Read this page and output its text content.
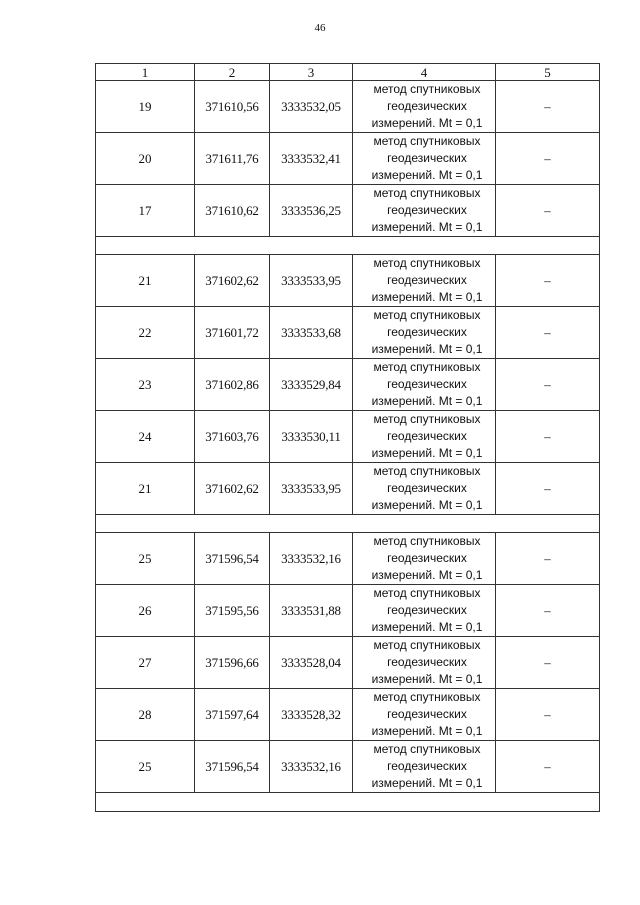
46
1	2	3	4	5
19	371610,56	3333532,05	метод спутниковых
геодезических
измерений. Mt = 0,1	–
20	371611,76	3333532,41	метод спутниковых
геодезических
измерений. Mt = 0,1	–
17	371610,62	3333536,25	метод спутниковых
геодезических
измерений. Mt = 0,1	–

21	371602,62	3333533,95	метод спутниковых
геодезических
измерений. Mt = 0,1	–
22	371601,72	3333533,68	метод спутниковых
геодезических
измерений. Mt = 0,1	–
23	371602,86	3333529,84	метод спутниковых
геодезических
измерений. Mt = 0,1	–
24	371603,76	3333530,11	метод спутниковых
геодезических
измерений. Mt = 0,1	–
21	371602,62	3333533,95	метод спутниковых
геодезических
измерений. Mt = 0,1	–

25	371596,54	3333532,16	метод спутниковых
геодезических
измерений. Mt = 0,1	–
26	371595,56	3333531,88	метод спутниковых
геодезических
измерений. Mt = 0,1	–
27	371596,66	3333528,04	метод спутниковых
геодезических
измерений. Mt = 0,1	–
28	371597,64	3333528,32	метод спутниковых
геодезических
измерений. Mt = 0,1	–
25	371596,54	3333532,16	метод спутниковых
геодезических
измерений. Mt = 0,1	–
